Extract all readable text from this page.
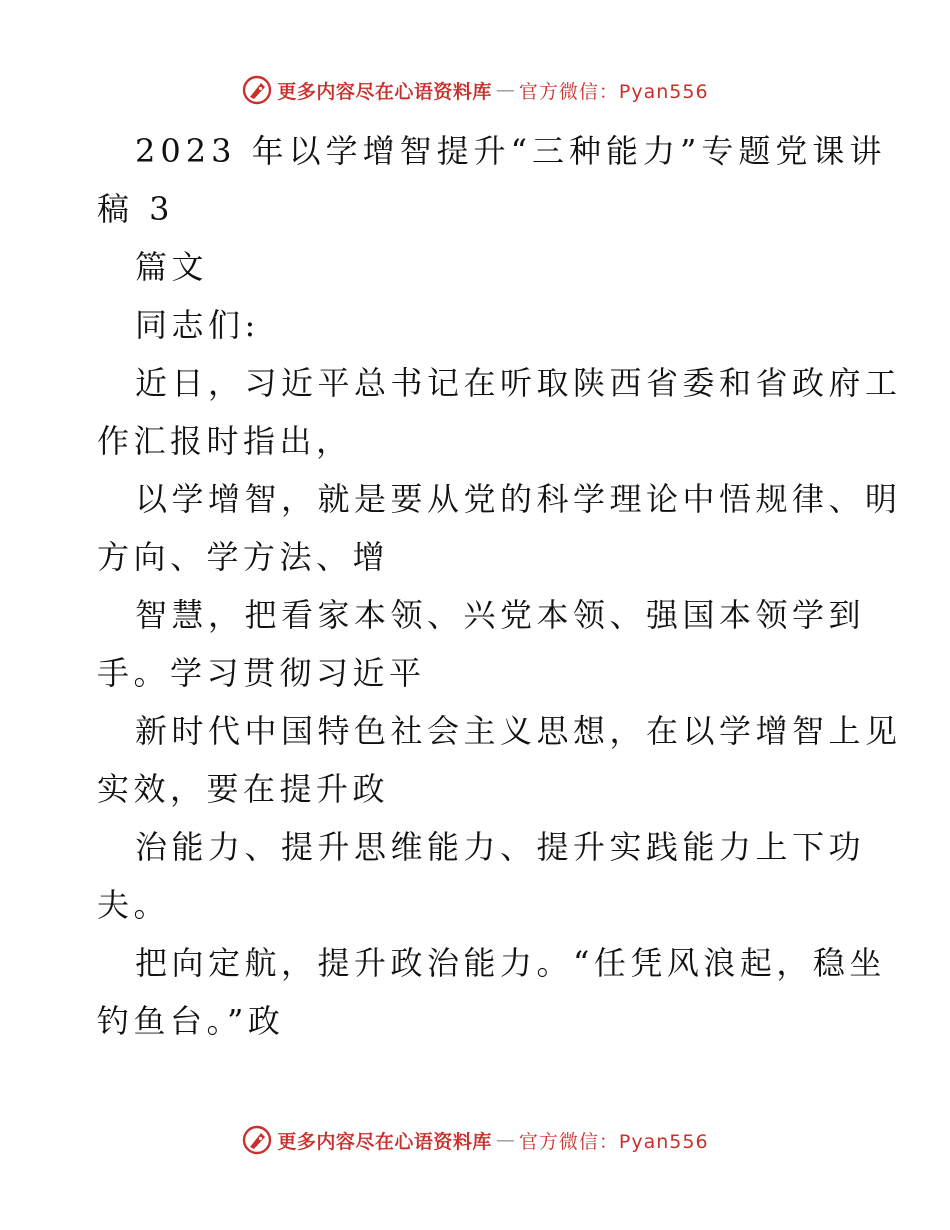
更多内容尽在心语资料库 — 官方微信：Pyan556
2023 年以学增智提升“三种能力”专题党课讲
稿 3
篇文
同志们:
近日，习近平总书记在听取陕西省委和省政府工
作汇报时指出，
以学增智，就是要从党的科学理论中悟规律、明
方向、学方法、增
智慧，把看家本领、兴党本领、强国本领学到
手。学习贯彻习近平
新时代中国特色社会主义思想，在以学增智上见
实效，要在提升政
治能力、提升思维能力、提升实践能力上下功
夫。
把向定航，提升政治能力。“任凭风浪起，稳坐
钓鱼台。”政
更多内容尽在心语资料库 — 官方微信：Pyan556
